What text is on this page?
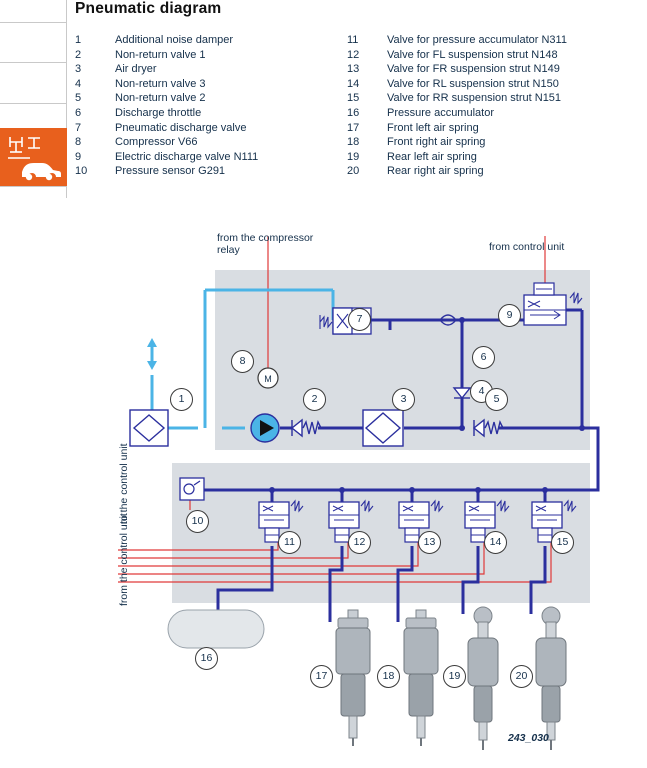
Pneumatic diagram
1	Additional noise damper
2	Non-return valve 1
3	Air dryer
4	Non-return valve 3
5	Non-return valve 2
6	Discharge throttle
7	Pneumatic discharge valve
8	Compressor V66
9	Electric discharge valve N111
10	Pressure sensor G291
11	Valve for pressure accumulator N311
12	Valve for FL suspension strut N148
13	Valve for FR suspension strut N149
14	Valve for RL suspension strut N150
15	Valve for RR suspension strut N151
16	Pressure accumulator
17	Front left air spring
18	Front right air spring
19	Rear left air spring
20	Rear right air spring
M
from the compressor
relay	from control unit
to the control unit
from the control unit
243_030
1	2	3
4
5
6
7
8
9
10
11	12	13	14	15
16
17	18	19	20
